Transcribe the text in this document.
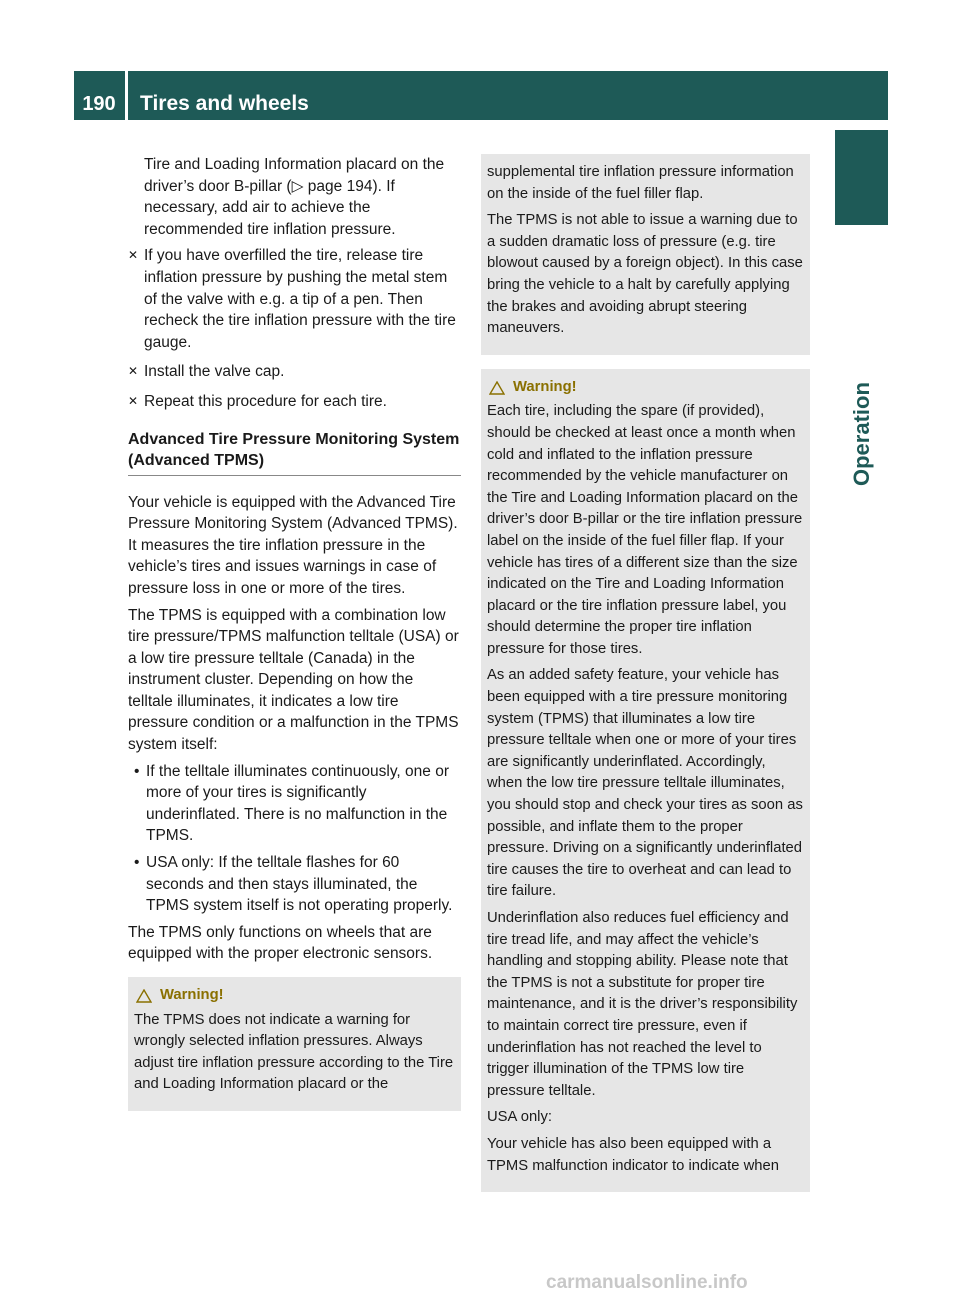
190	Tires and wheels
Operation

Tire and Loading Information placard on the driver’s door B-pillar (▷ page 194). If necessary, add air to achieve the recommended tire inflation pressure.

✕ If you have overfilled the tire, release tire inflation pressure by pushing the metal stem of the valve with e.g. a tip of a pen. Then recheck the tire inflation pressure with the tire gauge.
✕ Install the valve cap.
✕ Repeat this procedure for each tire.
Advanced Tire Pressure Monitoring System (Advanced TPMS)

Your vehicle is equipped with the Advanced Tire Pressure Monitoring System (Advanced TPMS). It measures the tire inflation pressure in the vehicle’s tires and issues warnings in case of pressure loss in one or more of the tires.

The TPMS is equipped with a combination low tire pressure/TPMS malfunction telltale (USA) or a low tire pressure telltale (Canada) in the instrument cluster. Depending on how the telltale illuminates, it indicates a low tire pressure condition or a malfunction in the TPMS system itself:

• If the telltale illuminates continuously, one or more of your tires is significantly underinflated. There is no malfunction in the TPMS.
• USA only: If the telltale flashes for 60 seconds and then stays illuminated, the TPMS system itself is not operating properly.

The TPMS only functions on wheels that are equipped with the proper electronic sensors.

Warning!

The TPMS does not indicate a warning for wrongly selected inflation pressures. Always adjust tire inflation pressure according to the Tire and Loading Information placard or the

supplemental tire inflation pressure information on the inside of the fuel filler flap.

The TPMS is not able to issue a warning due to a sudden dramatic loss of pressure (e.g. tire blowout caused by a foreign object). In this case bring the vehicle to a halt by carefully applying the brakes and avoiding abrupt steering maneuvers.

Warning!

Each tire, including the spare (if provided), should be checked at least once a month when cold and inflated to the inflation pressure recommended by the vehicle manufacturer on the Tire and Loading Information placard on the driver’s door B-pillar or the tire inflation pressure label on the inside of the fuel filler flap. If your vehicle has tires of a different size than the size indicated on the Tire and Loading Information placard or the tire inflation pressure label, you should determine the proper tire inflation pressure for those tires.

As an added safety feature, your vehicle has been equipped with a tire pressure monitoring system (TPMS) that illuminates a low tire pressure telltale when one or more of your tires are significantly underinflated. Accordingly, when the low tire pressure telltale illuminates, you should stop and check your tires as soon as possible, and inflate them to the proper pressure. Driving on a significantly underinflated tire causes the tire to overheat and can lead to tire failure.

Underinflation also reduces fuel efficiency and tire tread life, and may affect the vehicle’s handling and stopping ability. Please note that the TPMS is not a substitute for proper tire maintenance, and it is the driver’s responsibility to maintain correct tire pressure, even if underinflation has not reached the level to trigger illumination of the TPMS low tire pressure telltale.

USA only:

Your vehicle has also been equipped with a TPMS malfunction indicator to indicate when

carmanualsonline.info
